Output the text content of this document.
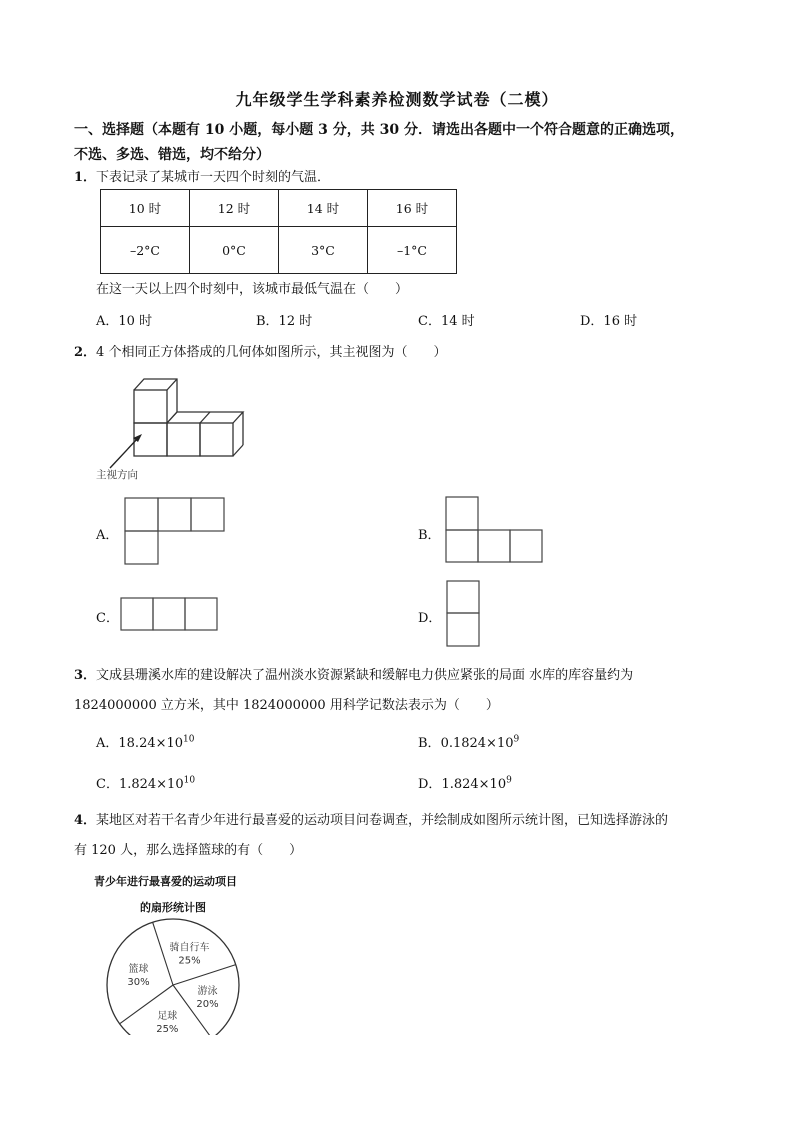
九年级学生学科素养检测数学试卷（二模）
一、选择题（本题有 10 小题，每小题 3 分，共 30 分．请选出各题中一个符合题意的正确选项，
不选、多选、错选，均不给分）
1．下表记录了某城市一天四个时刻的气温．
10 时	12 时	14 时	16 时
–2°C	0°C	3°C	–1°C
在这一天以上四个时刻中，该城市最低气温在（　　）
A．10 时	B．12 时	C．14 时	D．16 时
2．4 个相同正方体搭成的几何体如图所示，其主视图为（　　）
主视方向
A．	B．
C．	D．
3．文成县珊溪水库的建设解决了温州淡水资源紧缺和缓解电力供应紧张的局面 水库的库容量约为
1824000000 立方米，其中 1824000000 用科学记数法表示为（　　）
A．$18.24\times 10^{10}$	B．$0.1824\times 10^9$
C．$1.824\times 10^{10}$	D．$1.824\times 10^9$
4．某地区对若干名青少年进行最喜爱的运动项目问卷调查，并绘制成如图所示统计图，已知选择游泳的
有 120 人，那么选择篮球的有（　　）
青少年进行最喜爱的运动项目
的扇形统计图
骑自行车
25%
游泳
20%
足球
25%
篮球
30%
